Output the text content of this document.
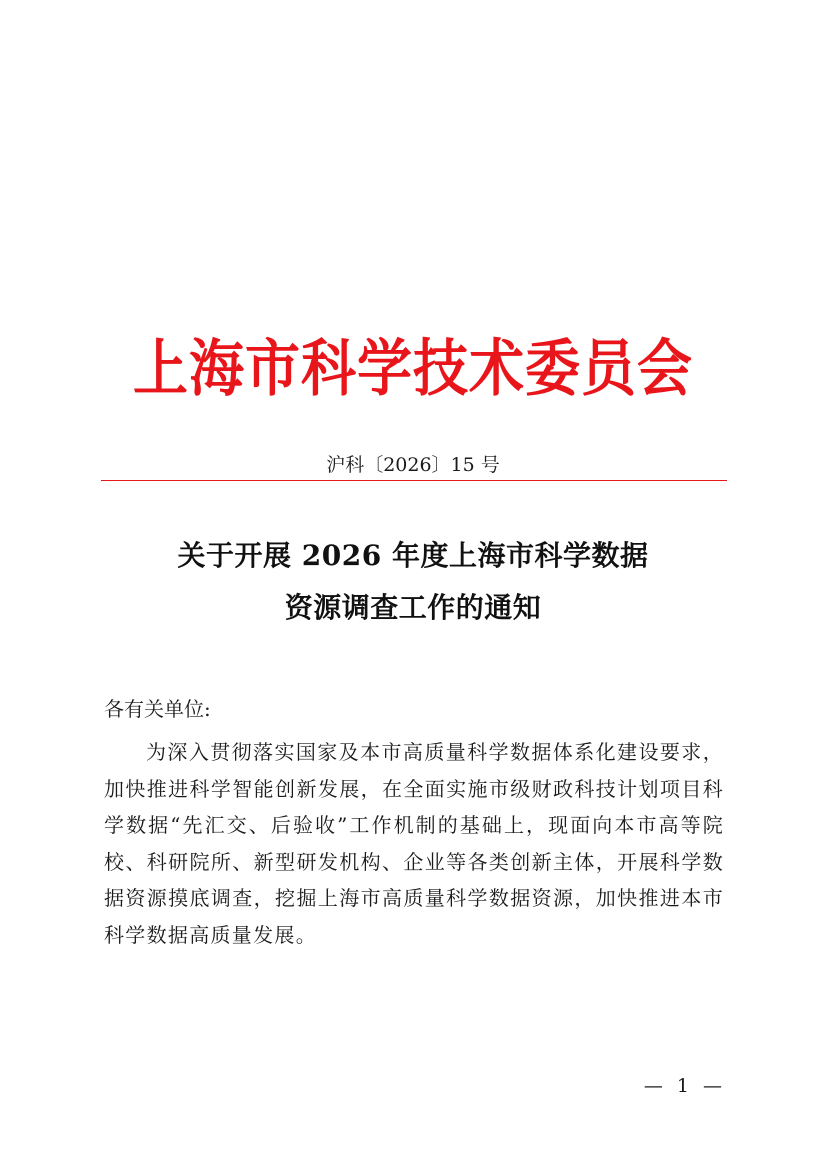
上海市科学技术委员会
沪科〔2026〕15 号
关于开展 2026 年度上海市科学数据
资源调查工作的通知
各有关单位:
为深入贯彻落实国家及本市高质量科学数据体系化建设要求，加快推进科学智能创新发展，在全面实施市级财政科技计划项目科学数据“先汇交、后验收”工作机制的基础上，现面向本市高等院校、科研院所、新型研发机构、企业等各类创新主体，开展科学数据资源摸底调查，挖掘上海市高质量科学数据资源，加快推进本市科学数据高质量发展。
— 1 —
